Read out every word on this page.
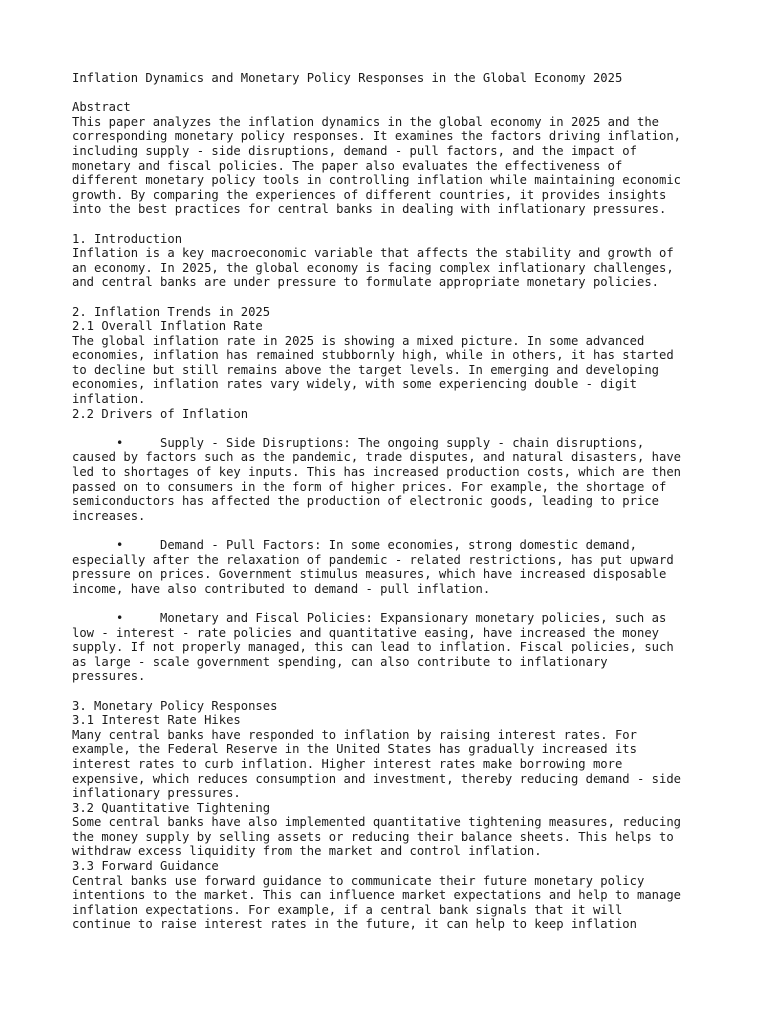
Inflation Dynamics and Monetary Policy Responses in the Global Economy 2025
Abstract
This paper analyzes the inflation dynamics in the global economy in 2025 and the
corresponding monetary policy responses. It examines the factors driving inflation,
including supply - side disruptions, demand - pull factors, and the impact of
monetary and fiscal policies. The paper also evaluates the effectiveness of
different monetary policy tools in controlling inflation while maintaining economic
growth. By comparing the experiences of different countries, it provides insights
into the best practices for central banks in dealing with inflationary pressures.
1. Introduction
Inflation is a key macroeconomic variable that affects the stability and growth of
an economy. In 2025, the global economy is facing complex inflationary challenges,
and central banks are under pressure to formulate appropriate monetary policies.
2. Inflation Trends in 2025
2.1 Overall Inflation Rate
The global inflation rate in 2025 is showing a mixed picture. In some advanced
economies, inflation has remained stubbornly high, while in others, it has started
to decline but still remains above the target levels. In emerging and developing
economies, inflation rates vary widely, with some experiencing double - digit
inflation.
2.2 Drivers of Inflation
•	Supply - Side Disruptions: The ongoing supply - chain disruptions,
caused by factors such as the pandemic, trade disputes, and natural disasters, have
led to shortages of key inputs. This has increased production costs, which are then
passed on to consumers in the form of higher prices. For example, the shortage of
semiconductors has affected the production of electronic goods, leading to price
increases.
•	Demand - Pull Factors: In some economies, strong domestic demand,
especially after the relaxation of pandemic - related restrictions, has put upward
pressure on prices. Government stimulus measures, which have increased disposable
income, have also contributed to demand - pull inflation.
•	Monetary and Fiscal Policies: Expansionary monetary policies, such as
low - interest - rate policies and quantitative easing, have increased the money
supply. If not properly managed, this can lead to inflation. Fiscal policies, such
as large - scale government spending, can also contribute to inflationary
pressures.
3. Monetary Policy Responses
3.1 Interest Rate Hikes
Many central banks have responded to inflation by raising interest rates. For
example, the Federal Reserve in the United States has gradually increased its
interest rates to curb inflation. Higher interest rates make borrowing more
expensive, which reduces consumption and investment, thereby reducing demand - side
inflationary pressures.
3.2 Quantitative Tightening
Some central banks have also implemented quantitative tightening measures, reducing
the money supply by selling assets or reducing their balance sheets. This helps to
withdraw excess liquidity from the market and control inflation.
3.3 Forward Guidance
Central banks use forward guidance to communicate their future monetary policy
intentions to the market. This can influence market expectations and help to manage
inflation expectations. For example, if a central bank signals that it will
continue to raise interest rates in the future, it can help to keep inflation
